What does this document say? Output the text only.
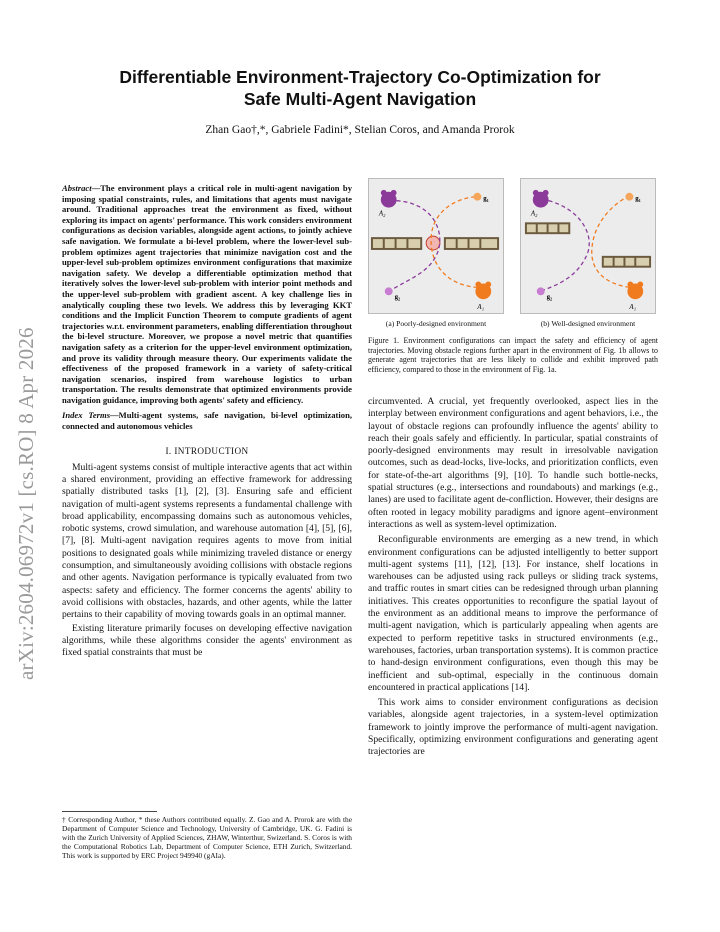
arXiv:2604.06972v1 [cs.RO] 8 Apr 2026
Differentiable Environment-Trajectory Co-Optimization for
Safe Multi-Agent Navigation
Zhan Gao†,*, Gabriele Fadini*, Stelian Coros, and Amanda Prorok

Abstract—The environment plays a critical role in multi-agent navigation by imposing spatial constraints, rules, and limitations that agents must navigate around. Traditional approaches treat the environment as fixed, without exploring its impact on agents' performance. This work considers environment configurations as decision variables, alongside agent actions, to jointly achieve safe navigation. We formulate a bi-level problem, where the lower-level sub-problem optimizes agent trajectories that minimize navigation cost and the upper-level sub-problem optimizes environment configurations that maximize navigation safety. We develop a differentiable optimization method that iteratively solves the lower-level sub-problem with interior point methods and the upper-level sub-problem with gradient ascent. A key challenge lies in analytically coupling these two levels. We address this by leveraging KKT conditions and the Implicit Function Theorem to compute gradients of agent trajectories w.r.t. environment parameters, enabling differentiation throughout the bi-level structure. Moreover, we propose a novel metric that quantifies navigation safety as a criterion for the upper-level environment optimization, and prove its validity through measure theory. Our experiments validate the effectiveness of the proposed framework in a variety of safety-critical navigation scenarios, inspired from warehouse logistics to urban transportation. The results demonstrate that optimized environments provide navigation guidance, improving both agents' safety and efficiency.

Index Terms—Multi-agent systems, safe navigation, bi-level optimization, connected and autonomous vehicles

I. INTRODUCTION

Multi-agent systems consist of multiple interactive agents that act within a shared environment, providing an effective framework for addressing spatially distributed tasks [1], [2], [3]. Ensuring safe and efficient navigation of multi-agent systems represents a fundamental challenge with broad applicability, encompassing domains such as autonomous vehicles, robotic systems, crowd simulation, and warehouse automation [4], [5], [6], [7], [8]. Multi-agent navigation requires agents to move from initial positions to designated goals while minimizing traveled distance or energy consumption, and simultaneously avoiding collisions with obstacle regions and other agents. Navigation performance is typically evaluated from two aspects: safety and efficiency. The former concerns the agents' ability to avoid collisions with obstacles, hazards, and other agents, while the latter pertains to their capability of moving towards goals in an optimal manner.

Existing literature primarily focuses on developing effective navigation algorithms, while these algorithms consider the agents' environment as fixed spatial constraints that must be

† Corresponding Author, * these Authors contributed equally. Z. Gao and A. Prorok are with the Department of Computer Science and Technology, University of Cambridge, UK. G. Fadini is with the Zurich University of Applied Sciences, ZHAW, Winterthur, Swizerland. S. Coros is with the Computational Robotics Lab, Department of Computer Science, ETH Zurich, Switzerland. This work is supported by ERC Project 949940 (gAIa).

A₂
A₁
g₁
g₂
(a) Poorly-designed environment
A₂
A₁
g₁
g₂
(b) Well-designed environment

Figure 1. Environment configurations can impact the safety and efficiency of agent trajectories. Moving obstacle regions further apart in the environment of Fig. 1b allows to generate agent trajectories that are less likely to collide and exhibit improved path efficiency, compared to those in the environment of Fig. 1a.

circumvented. A crucial, yet frequently overlooked, aspect lies in the interplay between environment configurations and agent behaviors, i.e., the layout of obstacle regions can profoundly influence the agents' ability to reach their goals safely and efficiently. In particular, spatial constraints of poorly-designed environments may result in irresolvable navigation outcomes, such as dead-locks, live-locks, and prioritization conflicts, even for state-of-the-art algorithms [9], [10]. To handle such bottle-necks, spatial structures (e.g., intersections and roundabouts) and markings (e.g., lanes) are used to facilitate agent de-confliction. However, their designs are often rooted in legacy mobility paradigms and ignore agent–environment interactions as well as system-level optimization.

Reconfigurable environments are emerging as a new trend, in which environment configurations can be adjusted intelligently to better support multi-agent systems [11], [12], [13]. For instance, shelf locations in warehouses can be adjusted using rack pulleys or sliding track systems, and traffic routes in smart cities can be redesigned through urban planning initiatives. This creates opportunities to reconfigure the spatial layout of the environment as an additional means to improve the performance of multi-agent navigation, which is particularly appealing when agents are expected to perform repetitive tasks in structured environments (e.g., warehouses, factories, urban transportation systems). It is common practice to hand-design environment configurations, even though this may be inefficient and sub-optimal, especially in the continuous domain encountered in practical applications [14].

This work aims to consider environment configurations as decision variables, alongside agent trajectories, in a system-level optimization framework to jointly improve the performance of multi-agent navigation. Specifically, optimizing environment configurations and generating agent trajectories are
